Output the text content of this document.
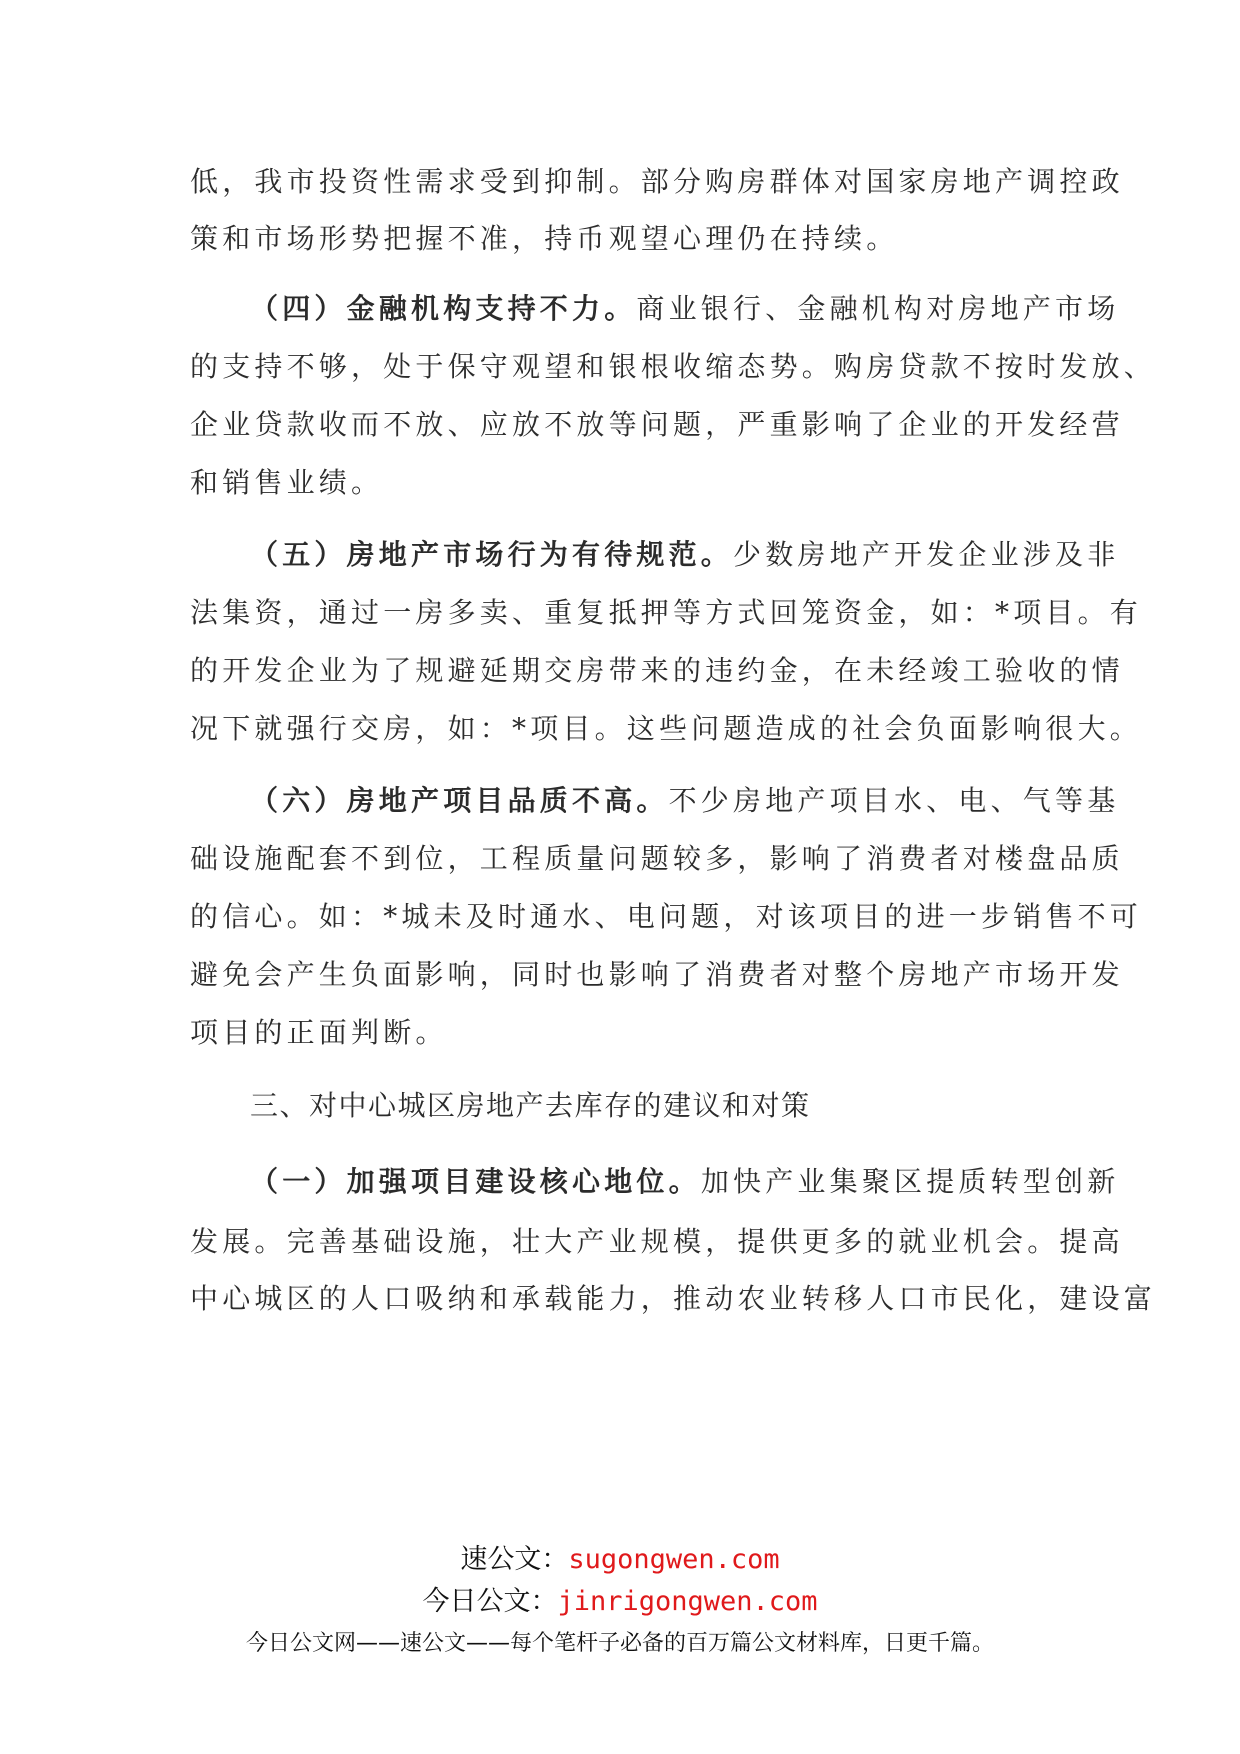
低，我市投资性需求受到抑制。部分购房群体对国家房地产调控政
策和市场形势把握不准，持币观望心理仍在持续。
（四）金融机构支持不力。商业银行、金融机构对房地产市场
的支持不够，处于保守观望和银根收缩态势。购房贷款不按时发放、
企业贷款收而不放、应放不放等问题，严重影响了企业的开发经营
和销售业绩。
（五）房地产市场行为有待规范。少数房地产开发企业涉及非
法集资，通过一房多卖、重复抵押等方式回笼资金，如：*项目。有
的开发企业为了规避延期交房带来的违约金，在未经竣工验收的情
况下就强行交房，如：*项目。这些问题造成的社会负面影响很大。
（六）房地产项目品质不高。不少房地产项目水、电、气等基
础设施配套不到位，工程质量问题较多，影响了消费者对楼盘品质
的信心。如：*城未及时通水、电问题，对该项目的进一步销售不可
避免会产生负面影响，同时也影响了消费者对整个房地产市场开发
项目的正面判断。
三、对中心城区房地产去库存的建议和对策
（一）加强项目建设核心地位。加快产业集聚区提质转型创新
发展。完善基础设施，壮大产业规模，提供更多的就业机会。提高
中心城区的人口吸纳和承载能力，推动农业转移人口市民化，建设富
速公文：sugongwen.com
今日公文：jinrigongwen.com
今日公文网——速公文——每个笔杆子必备的百万篇公文材料库，日更千篇。
